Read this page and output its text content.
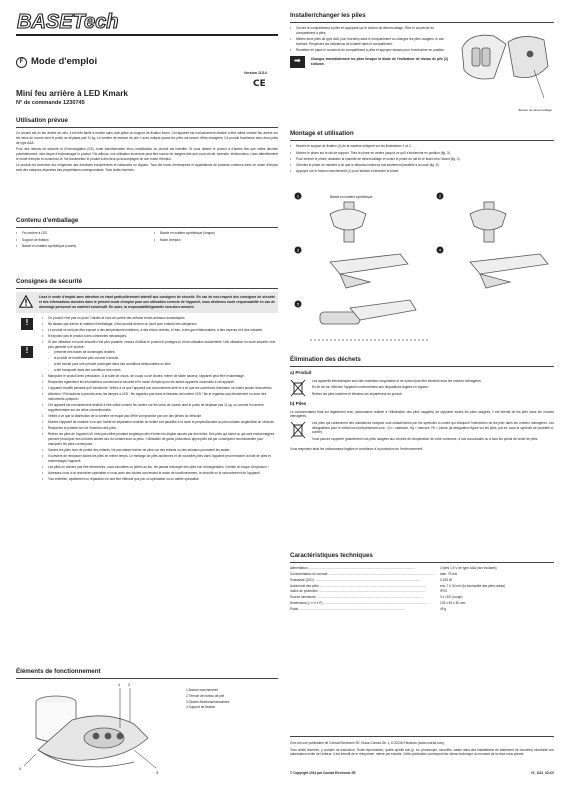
BASETech
F Mode d'emploi
Version 11/14
CE
Mini feu arrière à LED Kmark
N° de commande 1230745
Utilisation prévue

Ce produit est un feu arrière de vélo; il est très facile à monter sans outil grâce au support de fixation fourni. Cet appareil est exclusivement destiné à être utilisé comme feu arrière sur les vélos de course dont le poids ne dépasse pas 11 kg. Le lumière de mesure de pile « avec indique quand les piles ont besoin d'être changées. Ce produit fonctionne avec deux piles de type AAA.

Pour des raisons de sécurité et d'homologation (CE), toute transformation et/ou modification du produit est interdite. Si vous utilisez le produit à d'autres fins que celles décrites précédemment, cela risque d'endommager le produit. Par ailleurs, une utilisation incorrecte peut être source de dangers tels que court-circuit, incendie, électrocution. Lisez attentivement le mode d'emploi et conservez-le. Ne transmettez le produit à des tiers qu'accompagné de son mode d'emploi.

Le produit est conforme aux exigences des directives européennes et nationales en vigueur. Tous les noms d'entreprises et appellations de produits contenus dans ce mode d'emploi sont des marques déposées des propriétaires correspondants. Tous droits réservés.

Contenu d'emballage
• Feu arrière à LED
• Support de fixation
• Bande en matière synthétique (courte)
• Bande en matière synthétique (longue)
• Mode d'emploi
Consignes de sécurité

Lisez le mode d'emploi avec attention en étant particulièrement attentif aux consignes de sécurité. En cas de non-respect des consignes de sécurité et des informations données dans le présent mode d'emploi pour une utilisation correcte de l'appareil, nous déclinons toute responsabilité en cas de dommage personnel ou matériel consécutif. En outre, la responsabilité/garantie sera alors annulée.

!
!
• Ce produit n'est pas un jouet. Gardez-le hors de portée des enfants et des animaux domestiques.
• Ne laissez pas traîner le matériel d'emballage. Cela pourrait devenir un jouet pour enfants très dangereux.
• Le produit ne doit pas être exposé à des températures extrêmes, à des chocs violents, à l'eau, à des gaz inflammables, à des vapeurs et à des solvants.
• N'exposez pas le produit à des contraintes mécaniques.
• Si une utilisation en toute sécurité n'est plus possible, cessez d'utiliser le produit et protégez-le d'une utilisation accidentelle. Une utilisation en toute sécurité n'est plus garantie si le produit :
- présente des traces de dommages visibles,
- le produit ne fonctionne plus comme il devrait,
- a été stocké pour une période prolongée dans des conditions défavorables ou bien
- a été transporté dans des conditions très rudes.
• Manipulez le produit avec précaution. À la suite de chocs, de coups ou de chutes, même de faible hauteur, l'appareil peut être endommagé.
• Respectez également les informations concernant la sécurité et le mode d'emploi pour les autres appareils connectés à cet appareil.
• L'appareil chauffe pendant qu'il fonctionne. Veillez à ce que l'appareil soit correctement aéré et à ce que les ouvertures d'aération ne soient jamais recouvertes.
• Attention ! Précautions à prendre avec les lampes à LED : Ne regardez pas dans le faisceau de lumière LED ! Ne le regardez pas directement ou avec des instruments optiques !
• Cet appareil est exclusivement destiné à être utilisé comme feu arrière sur les vélos de course dont le poids ne dépasse pas 11 kg, ou comme feu arrière supplémentaire sur les vélos conventionnels.
• Veillez à ce que la distribution de la lumière ne risque pas d'être compromise par une des pièces du véhicule.
• Montez l'appareil de manière à ce que l'arête de séparation centrale du boîtier soit parallèle à la route et perpendiculaire au plan médian longitudinal du véhicule.
• Respectez la polarité lors de l'insertion des piles.
• Retirez les piles de l'appareil s'il n'est pas utilisé pendant longtemps afin d'éviter les dégâts causés par des fuites. Des piles qui fuient ou qui sont endommagées peuvent provoquer des brûlures acides lors du contact avec la peau ; l'utilisation de gants protecteurs appropriés est par conséquent recommandée pour manipuler les piles corrompues.
• Gardez les piles hors de portée des enfants. Ne pas laisser traîner de piles car des enfants ou des animaux pourraient les avaler.
• Il convient de remplacer toutes les piles en même temps. Le mélange de piles anciennes et de nouvelles piles dans l'appareil peut entraîner la fuite de piles et endommager l'appareil.
• Les piles ne doivent pas être démontées, court-circuitées ou jetées au feu. Ne jamais recharger des piles non rechargeables. Il existe un risque d'explosion !
• Adressez-vous à un technicien spécialisé si vous avez des doutes concernant le mode de fonctionnement, la sécurité ou le raccordement de l'appareil.
• Tout entretien, ajustement ou réparation ne doit être effectué que par un spécialiste ou un atelier spécialisé.
Éléments de fonctionnement
1 2
3
4
1 Bouton marche/arrêt
2 Témoin de niveau de pile
3 Diodes électroluminescentes
4 Support de fixation
Installer/changer les piles
• Ouvrez le compartiment à piles en appuyant sur le bouton de déverrouillage. Ôtez le couvercle du compartiment à piles.
• Mettez deux piles de type AAA (non fournies) dans le compartiment ou changez les piles usagées, le cas échéant. Respectez les indications de polarité dans le compartiment.
• Remettez en place le couvercle du compartiment à piles et appuyez dessus pour l'enclencher en position.
➡	Changez immédiatement les piles lorsque la diode de l'indicateur de niveau de pile (2) s'allume.

Bouton de déverrouillage
Montage et utilisation
• Montez le support de fixation (4) de la manière indiquée sur les illustrations 1 et 2.
• Montez le phare sur le rail de support. Tirez le phare en arrière jusqu'à ce qu'il s'enclenche en position (fig. 3).
• Pour enlever le phare, abaissez la manette de déverrouillage et sortez le phare du rail en le tirant vers l'avant (fig. 4).
• Orientez le phare de manière à ce que le faisceau lumineux soit seulement parallèle à la route (fig. 5).
• Appuyez sur le bouton marche/arrêt (1) pour allumer et éteindre le phare.
1	2
3	4
5
Bande en matière synthétique
Élimination des déchets
a) Produit

Les appareils électroniques sont des matériaux recyclables et ne doivent pas être éliminés avec les ordures ménagères.

En fin de vie, éliminez l'appareil conformément aux dispositions légales en vigueur.

Retirez les piles insérées et éliminez-les séparément du produit.

b) Piles

Le consommateur final est légalement tenu (ordonnance relative à l'élimination des piles usagées) de rapporter toutes les piles usagées, il est interdit de les jeter dans les ordures ménagères.

Les piles qui contiennent des substances toxiques sont caractérisées par les symboles ci-contre qui indiquent l'interdiction de les jeter dans les ordures ménagères. Les désignations pour le métal lourd prépondérant sont : Cd = cadmium, Hg = mercure, Pb = plomb (la désignation figure sur les piles, par ex. sous le symbole de poubelle ci-contre).

Vous pouvez rapporter gratuitement vos piles usagées aux centres de récupération de votre commune, à nos succursales ou à tous les points de vente de piles.

Vous respectez ainsi les ordonnances légales et contribuez à la protection de l'environnement.

Caractéristiques techniques
Alimentation .....	2 piles 1,5 V de type AAA (non incluses)
Consommation en courant .....	max. 75 mA
Puissance (LED) .....	0,225 W
Autonomie des piles .....	env. 7 h 30 min (la luminosité des piles usées)
Indice de protection .....	IPX3
Source lumineuse .....	3 x LED (rouge)
Dimensions (L x H x P) .....	103 x 63 x 50 mm
Poids .....	45 g

Ceci est une publication de Conrad Electronic SE, Klaus-Conrad-Str. 1, D-92240 Hirschau (www.conrad.com).

Tous droits réservés, y compris de traduction. Toute reproduction, quelle qu'elle soit (p. ex. photocopie, microfilm, saisie dans des installations de traitement de données) nécessite une autorisation écrite de l'éditeur. Il est interdit de le réimprimer, même par extraits. Cette publication correspond au niveau technique du moment de la mise sous presse.

© Copyright 2014 par Conrad Electronic SE	V1_1114_02-KV
